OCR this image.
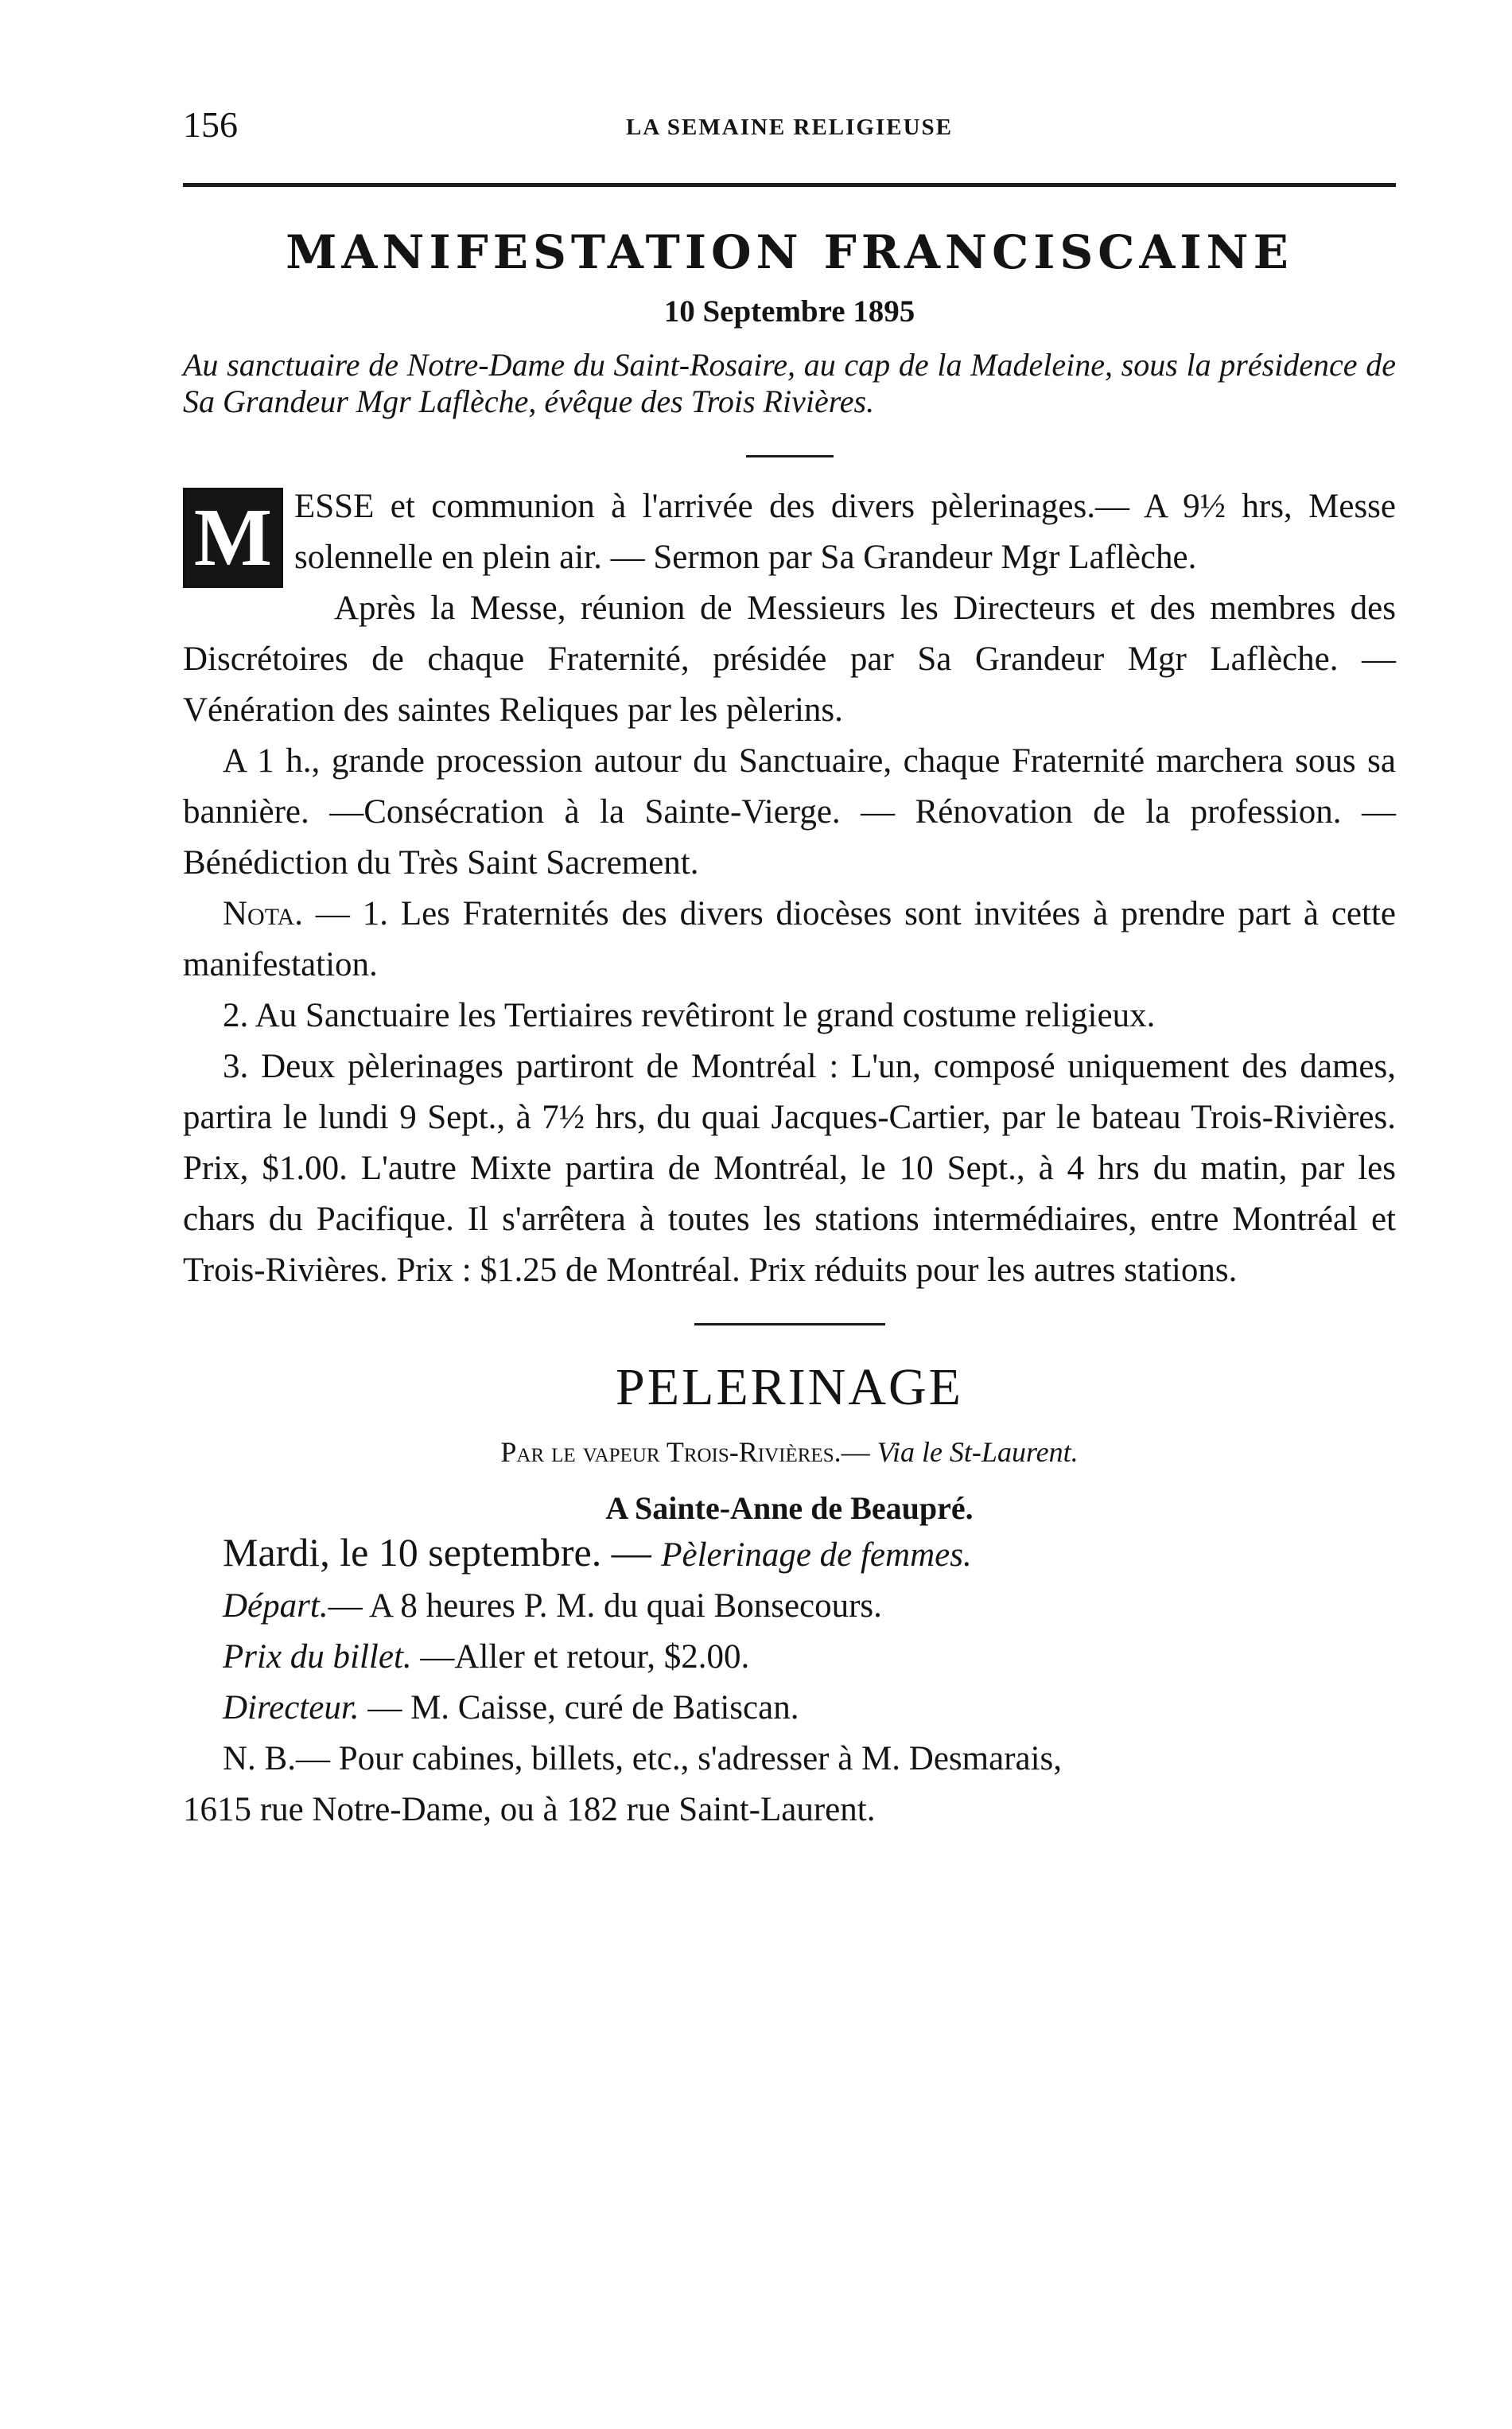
156	LA SEMAINE RELIGIEUSE
MANIFESTATION FRANCISCAINE
10 Septembre 1895
Au sanctuaire de Notre-Dame du Saint-Rosaire, au cap de la Madeleine, sous la présidence de Sa Grandeur Mgr Laflèche, évêque des Trois Rivières.

M ESSE et communion à l'arrivée des divers pèlerinages.— A 9½ hrs, Messe solennelle en plein air. — Sermon par Sa Grandeur Mgr Laflèche.

Après la Messe, réunion de Messieurs les Directeurs et des membres des Discrétoires de chaque Fraternité, présidée par Sa Grandeur Mgr Laflèche. — Vénération des saintes Reliques par les pèlerins.

A 1 h., grande procession autour du Sanctuaire, chaque Fraternité marchera sous sa bannière. —Consécration à la Sainte-Vierge. — Rénovation de la profession. — Bénédiction du Très Saint Sacrement.

Nota. — 1. Les Fraternités des divers diocèses sont invitées à prendre part à cette manifestation.

2. Au Sanctuaire les Tertiaires revêtiront le grand costume religieux.

3. Deux pèlerinages partiront de Montréal : L'un, composé uniquement des dames, partira le lundi 9 Sept., à 7½ hrs, du quai Jacques-Cartier, par le bateau Trois-Rivières. Prix, $1.00. L'autre Mixte partira de Montréal, le 10 Sept., à 4 hrs du matin, par les chars du Pacifique. Il s'arrêtera à toutes les stations intermédiaires, entre Montréal et Trois-Rivières. Prix : $1.25 de Montréal. Prix réduits pour les autres stations.

PELERINAGE
Par le vapeur Trois-Rivières.— Via le St-Laurent.
A Sainte-Anne de Beaupré.

Mardi, le 10 septembre. — Pèlerinage de femmes.

Départ.— A 8 heures P. M. du quai Bonsecours.

Prix du billet. —Aller et retour, $2.00.

Directeur. — M. Caisse, curé de Batiscan.

N. B.— Pour cabines, billets, etc., s'adresser à M. Desmarais,

1615 rue Notre-Dame, ou à 182 rue Saint-Laurent.
